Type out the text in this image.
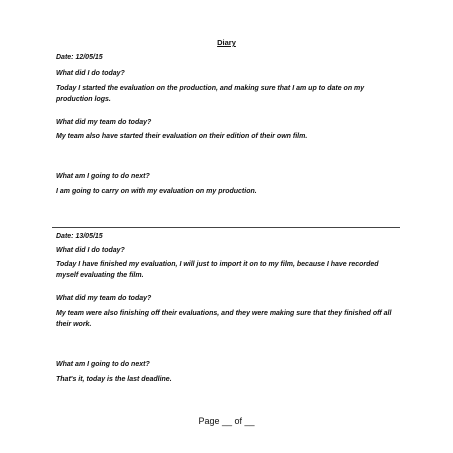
Diary
Date: 12/05/15
What did I do today?
Today I started the evaluation on the production, and making sure that I am up to date on my production logs.
What did my team do today?
My team also have started their evaluation on their edition of their own film.
What am I going to do next?
I am going to carry on with my evaluation on my production.
Date: 13/05/15
What did I do today?
Today I have finished my evaluation, I will just to import it on to my film, because I have recorded myself evaluating the film.
What did my team do today?
My team were also finishing off their evaluations, and they were making sure that they finished off all their work.
What am I going to do next?
That's it, today is the last deadline.
Page __ of __
